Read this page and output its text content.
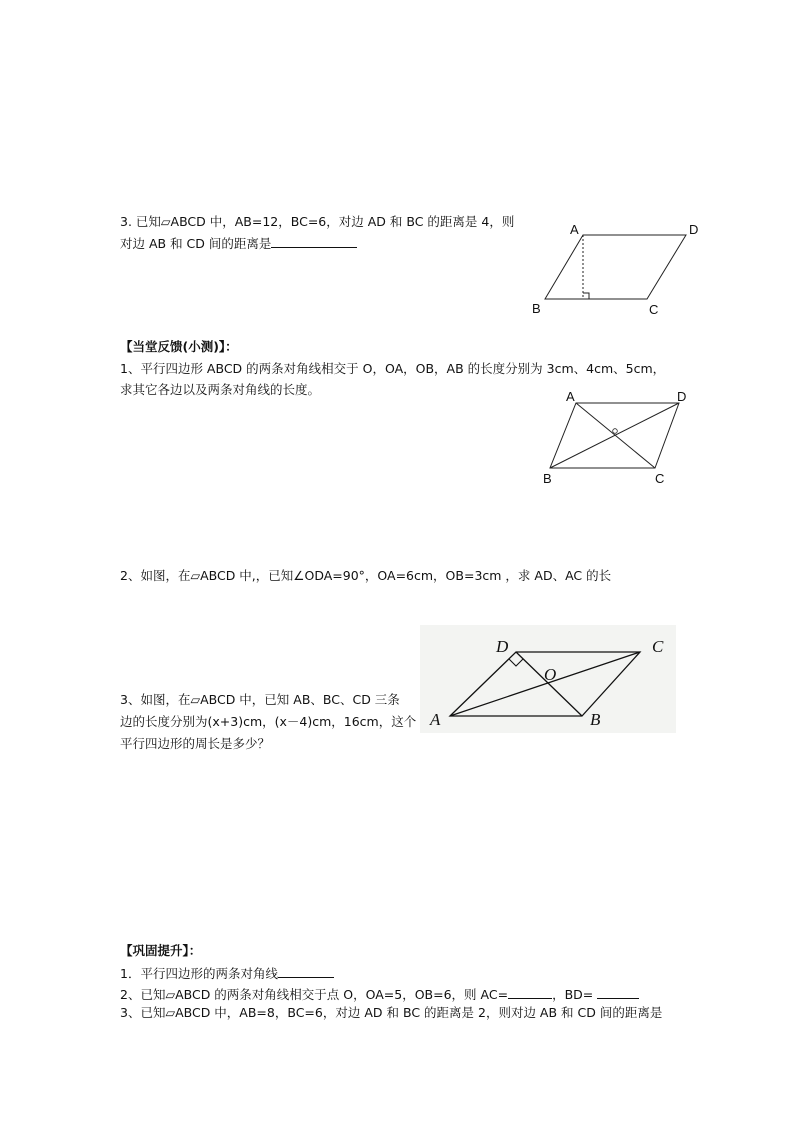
3. 已知▱ABCD 中，AB=12，BC=6，对边 AD 和 BC 的距离是 4，则
对边 AB 和 CD 间的距离是
A	D
B	C
【当堂反馈(小测)】：
1、平行四边形 ABCD 的两条对角线相交于 O，OA，OB，AB 的长度分别为 3cm、4cm、5cm，
求其它各边以及两条对角线的长度。	A	D
B	C
2、如图，在▱ABCD 中,，已知∠ODA=90°，OA=6cm，OB=3cm ，求 AD、AC 的长
D	C
O
A	B
3、如图，在▱ABCD 中，已知 AB、BC、CD 三条
边的长度分别为(x+3)cm，(x－4)cm，16cm，这个
平行四边形的周长是多少？
【巩固提升】：
1．平行四边形的两条对角线
2、已知▱ABCD 的两条对角线相交于点 O，OA=5，OB=6，则 AC=	，BD=
3、已知▱ABCD 中，AB=8，BC=6，对边 AD 和 BC 的距离是 2，则对边 AB 和 CD 间的距离是
